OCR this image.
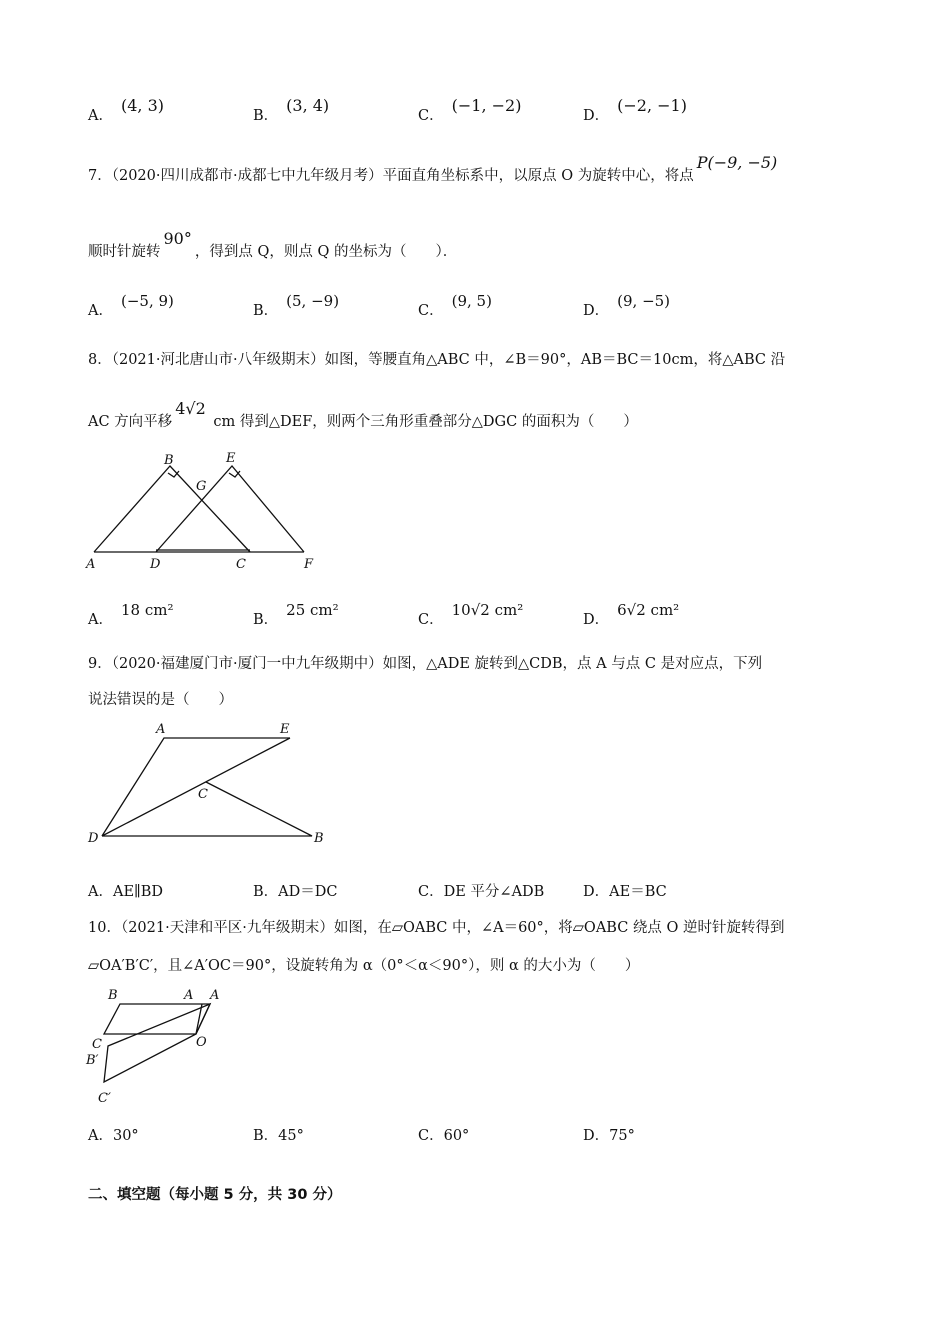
A．(4, 3)
B．(3, 4)
C．(−1, −2)
D．(−2, −1)
7．（2020·四川成都市·成都七中九年级月考）平面直角坐标系中，以原点 O 为旋转中心，将点P(−9, −5)
顺时针旋转90°，得到点 Q，则点 Q 的坐标为（　　）．
A．(−5, 9)
B．(5, −9)
C．(9, 5)
D．(9, −5)
8．（2021·河北唐山市·八年级期末）如图，等腰直角△ABC 中，∠B＝90°，AB＝BC＝10cm，将△ABC 沿
AC 方向平移4√2 cm 得到△DEF，则两个三角形重叠部分△DGC 的面积为（　　）
B	E
G
A	D	C	F
A．18 cm²
B．25 cm²
C．10√2 cm²
D．6√2 cm²
9．（2020·福建厦门市·厦门一中九年级期中）如图，△ADE 旋转到△CDB，点 A 与点 C 是对应点，下列
说法错误的是（　　）
A	E
C
D	B
A．AE∥BD	B．AD＝DC	C．DE 平分∠ADB	D．AE＝BC
10．（2021·天津和平区·九年级期末）如图，在▱OABC 中，∠A＝60°，将▱OABC 绕点 O 逆时针旋转得到
▱OA′B′C′，且∠A′OC＝90°，设旋转角为 α（0°＜α＜90°），则 α 的大小为（　　）
B	A A
C	O
B′
C′
A．30°	B．45°	C．60°	D．75°
二、填空题（每小题 5 分，共 30 分）
